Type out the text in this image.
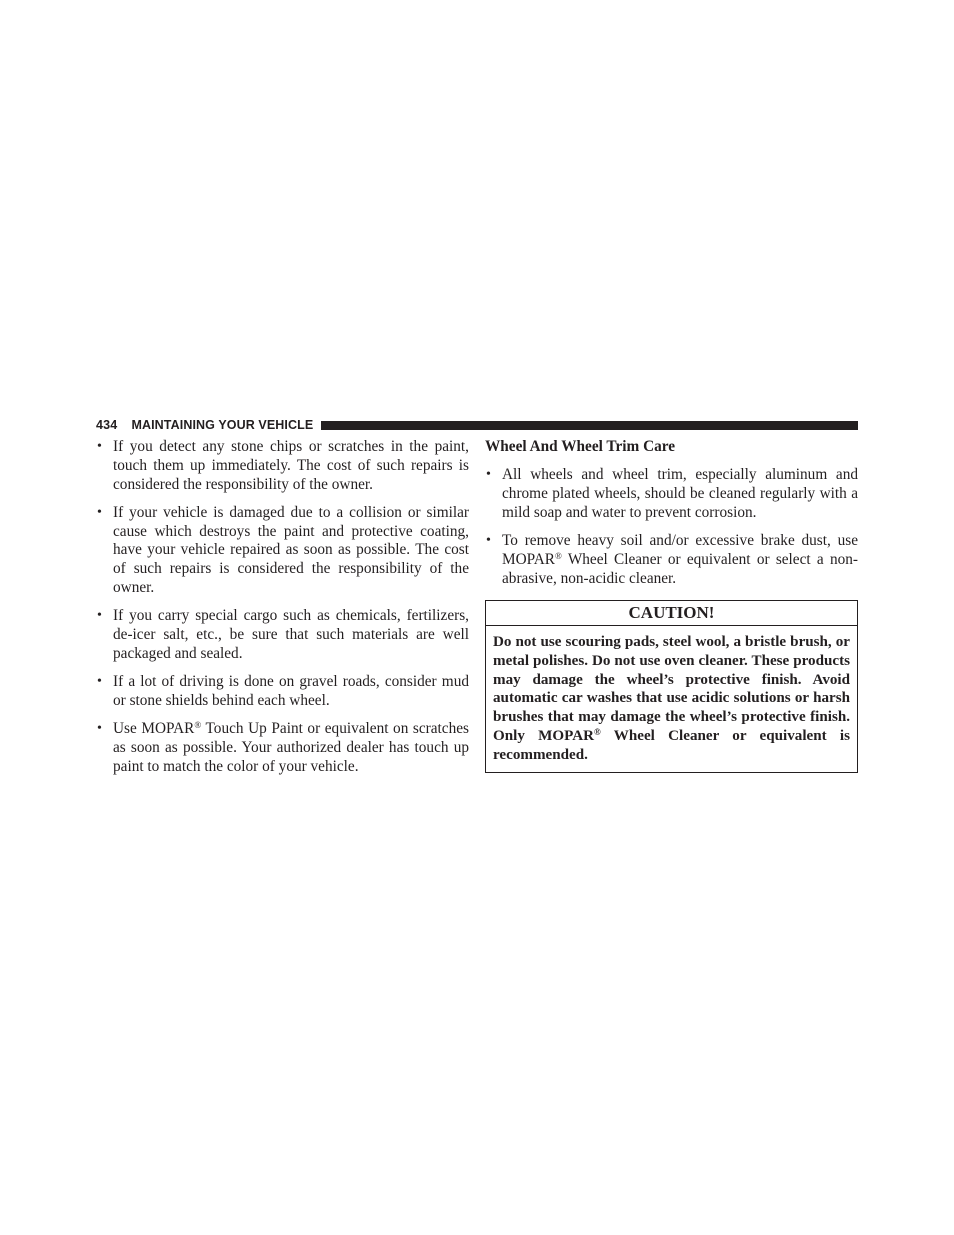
434 MAINTAINING YOUR VEHICLE
• If you detect any stone chips or scratches in the paint, touch them up immediately. The cost of such repairs is considered the responsibility of the owner.
• If your vehicle is damaged due to a collision or similar cause which destroys the paint and protective coating, have your vehicle repaired as soon as possible. The cost of such repairs is considered the responsibility of the owner.
• If you carry special cargo such as chemicals, fertilizers, de-icer salt, etc., be sure that such materials are well packaged and sealed.
• If a lot of driving is done on gravel roads, consider mud or stone shields behind each wheel.
• Use MOPAR® Touch Up Paint or equivalent on scratches as soon as possible. Your authorized dealer has touch up paint to match the color of your vehicle.
Wheel And Wheel Trim Care
• All wheels and wheel trim, especially aluminum and chrome plated wheels, should be cleaned regularly with a mild soap and water to prevent corrosion.
• To remove heavy soil and/or excessive brake dust, use MOPAR® Wheel Cleaner or equivalent or select a non-abrasive, non-acidic cleaner.
CAUTION!
Do not use scouring pads, steel wool, a bristle brush, or metal polishes. Do not use oven cleaner. These products may damage the wheel’s protective finish. Avoid automatic car washes that use acidic solutions or harsh brushes that may damage the wheel’s protective finish. Only MOPAR® Wheel Cleaner or equivalent is recommended.
